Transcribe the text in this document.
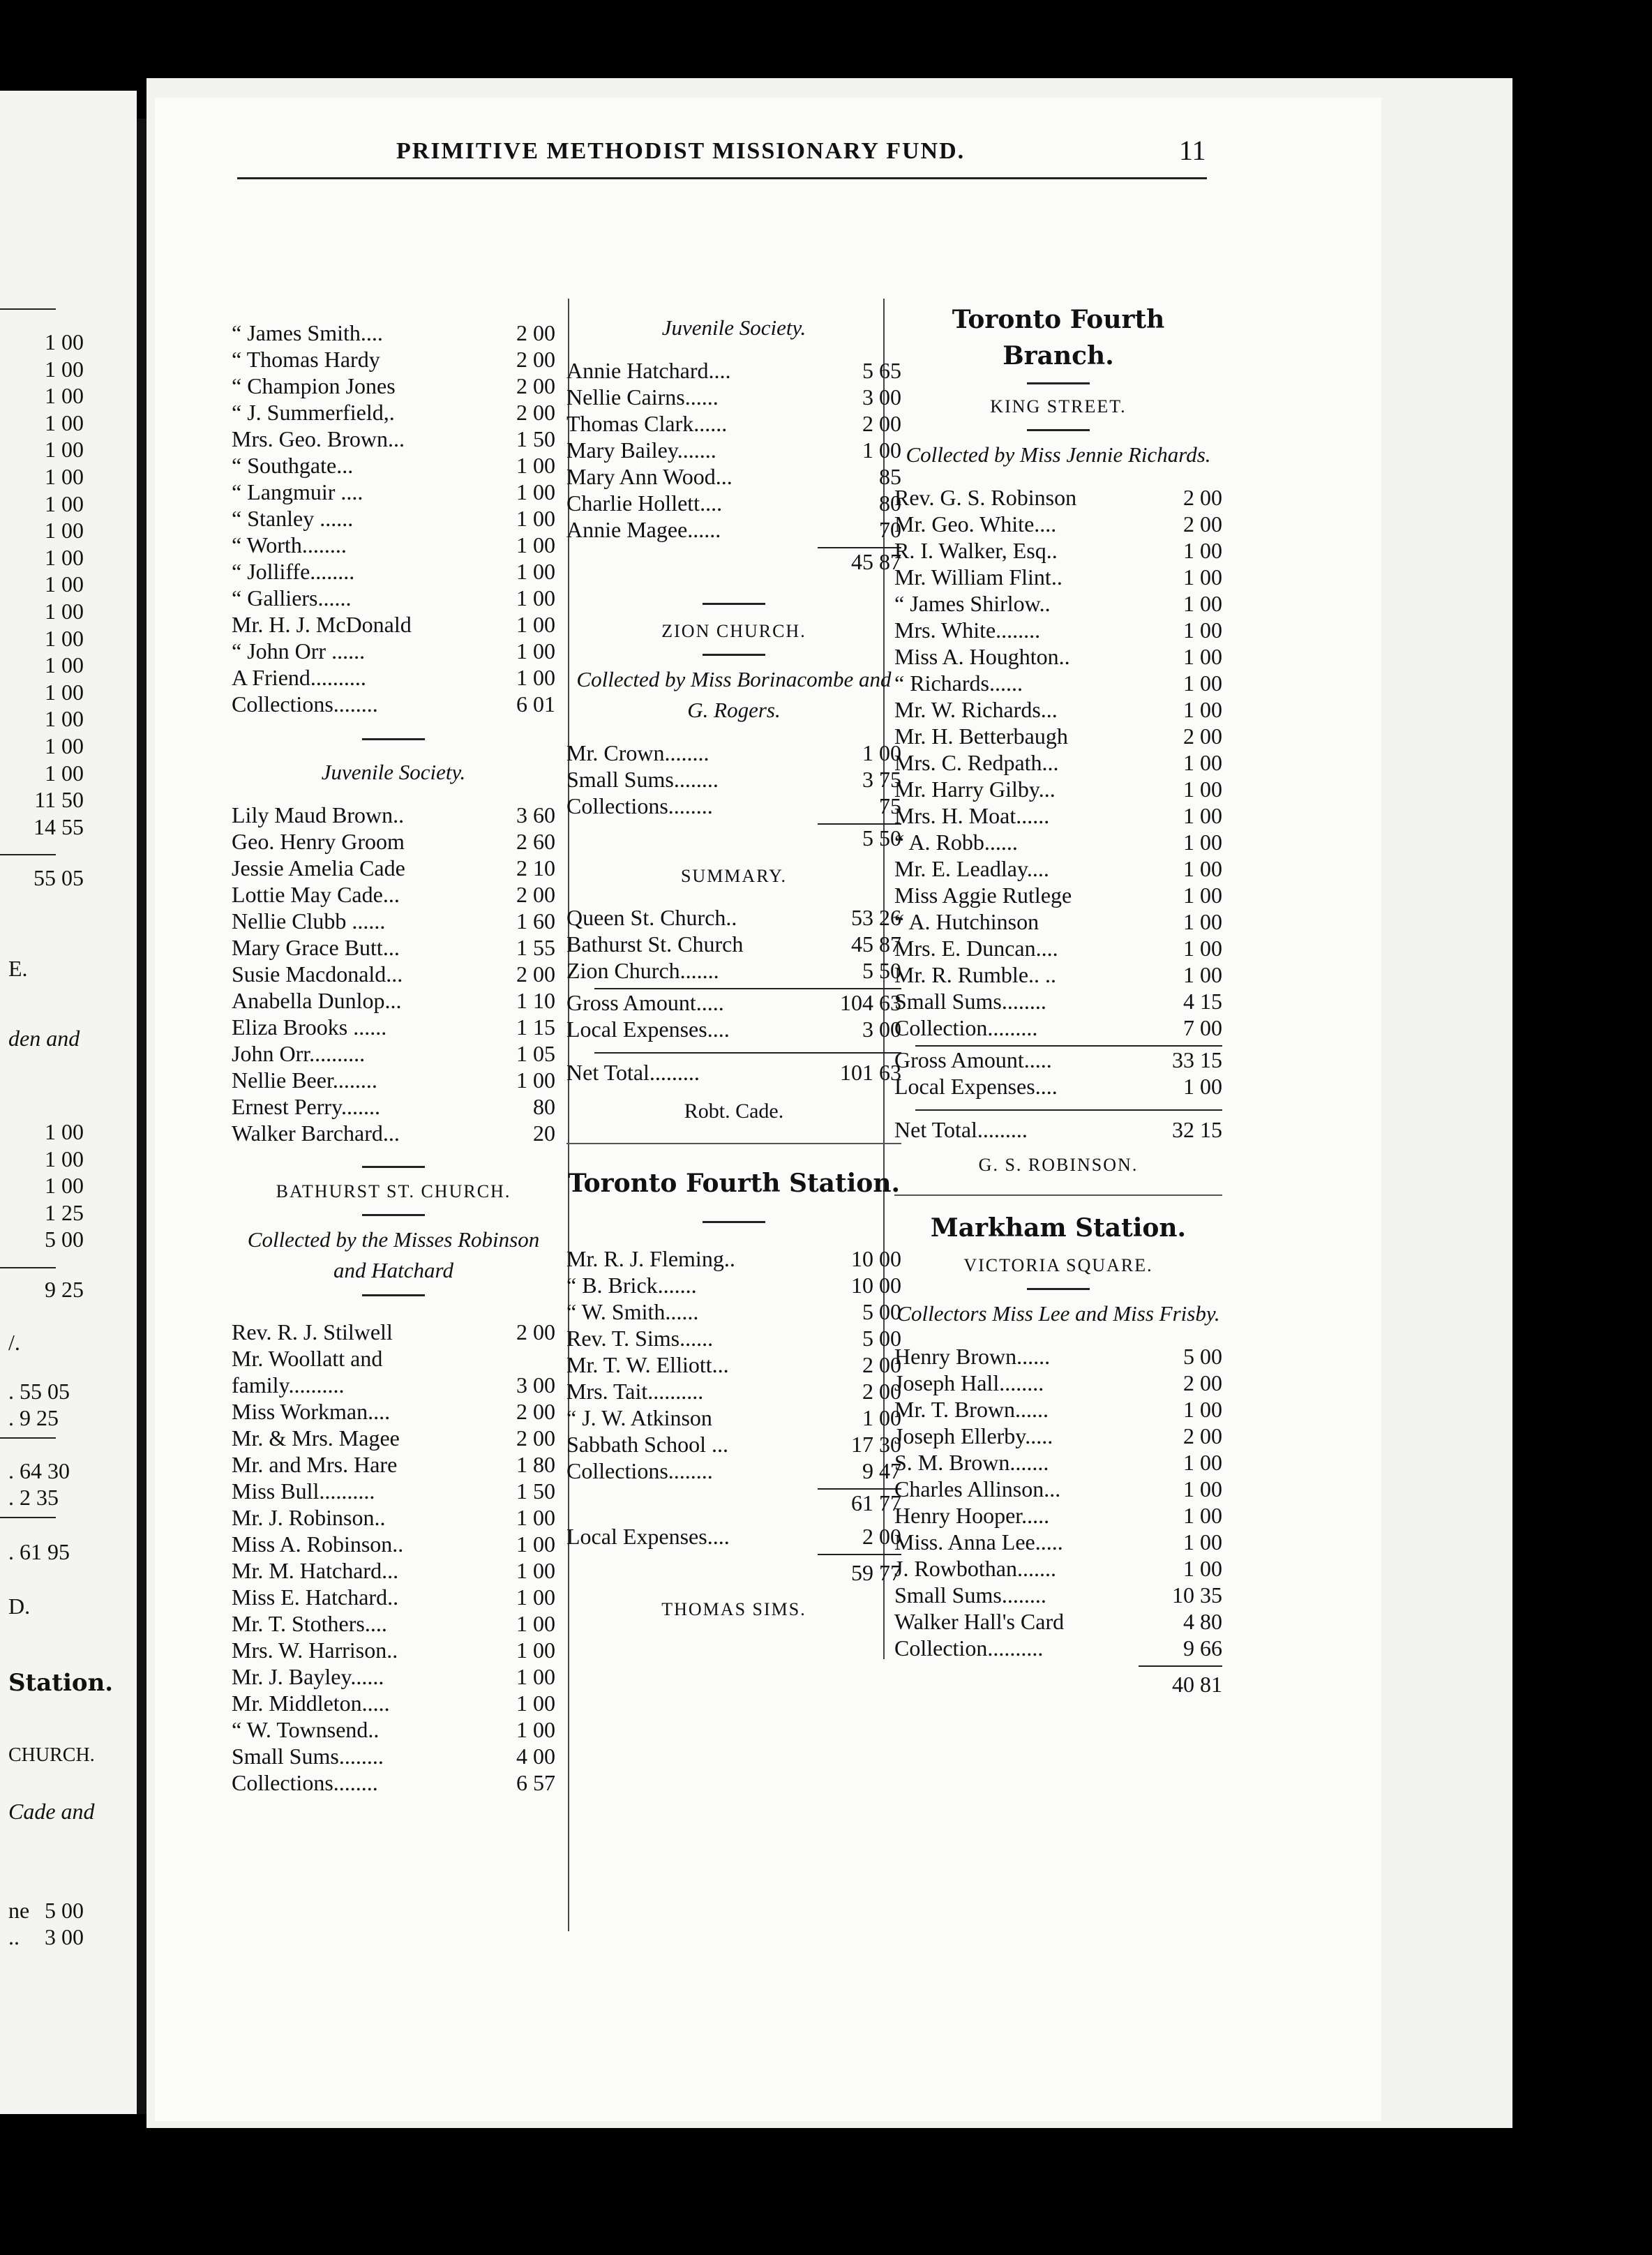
1 00
1 00
1 00
1 00
1 00
1 00
1 00
1 00
1 00
1 00
1 00
1 00
1 00
1 00
1 00
1 00
1 00
11 50
14 55
55 05
E.
den and
1 00
1 00
1 00
1 25
5 00
9 25
/.
. 55 05
. 9 25
. 64 30
. 2 35
. 61 95
D.
Station.
CHURCH.
Cade and
ne 5 00
.. 3 00
PRIMITIVE METHODIST MISSIONARY FUND.	11
“ James Smith....	2 00
“ Thomas Hardy	2 00
“ Champion Jones	2 00
“ J. Summerfield,.	2 00
Mrs. Geo. Brown...	1 50
“ Southgate...	1 00
“ Langmuir ....	1 00
“ Stanley ......	1 00
“ Worth........	1 00
“ Jolliffe........	1 00
“ Galliers......	1 00
Mr. H. J. McDonald	1 00
“ John Orr ......	1 00
A Friend..........	1 00
Collections........	6 01
Juvenile Society.
Lily Maud Brown..	3 60
Geo. Henry Groom	2 60
Jessie Amelia Cade	2 10
Lottie May Cade...	2 00
Nellie Clubb ......	1 60
Mary Grace Butt...	1 55
Susie Macdonald...	2 00
Anabella Dunlop...	1 10
Eliza Brooks ......	1 15
John Orr..........	1 05
Nellie Beer........	1 00
Ernest Perry.......	80
Walker Barchard...	20
BATHURST ST. CHURCH.
Collected by the Misses Robinson and Hatchard
Rev. R. J. Stilwell	2 00
Mr. Woollatt and
family..........	3 00
Miss Workman....	2 00
Mr. & Mrs. Magee	2 00
Mr. and Mrs. Hare	1 80
Miss Bull..........	1 50
Mr. J. Robinson..	1 00
Miss A. Robinson..	1 00
Mr. M. Hatchard...	1 00
Miss E. Hatchard..	1 00
Mr. T. Stothers....	1 00
Mrs. W. Harrison..	1 00
Mr. J. Bayley......	1 00
Mr. Middleton.....	1 00
“ W. Townsend..	1 00
Small Sums........	4 00
Collections........	6 57
Juvenile Society.
Annie Hatchard....	5 65
Nellie Cairns......	3 00
Thomas Clark......	2 00
Mary Bailey.......	1 00
Mary Ann Wood...	85
Charlie Hollett....	80
Annie Magee......	70
45 87
ZION CHURCH.
Collected by Miss Borinacombe and G. Rogers.
Mr. Crown........	1 00
Small Sums........	3 75
Collections........	75
5 50
SUMMARY.
Queen St. Church..	53 26
Bathurst St. Church	45 87
Zion Church.......	5 50
Gross Amount.....	104 63
Local Expenses....	3 00
Net Total.........	101 63
Robt. Cade.
Toronto Fourth Station.
Mr. R. J. Fleming..	10 00
“ B. Brick.......	10 00
“ W. Smith......	5 00
Rev. T. Sims......	5 00
Mr. T. W. Elliott...	2 00
Mrs. Tait..........	2 00
“ J. W. Atkinson	1 00
Sabbath School ...	17 30
Collections........	9 47
61 77
Local Expenses....	2 00
59 77
THOMAS SIMS.
Toronto Fourth Branch.
KING STREET.
Collected by Miss Jennie Richards.
Rev. G. S. Robinson	2 00
Mr. Geo. White....	2 00
R. I. Walker, Esq..	1 00
Mr. William Flint..	1 00
“ James Shirlow..	1 00
Mrs. White........	1 00
Miss A. Houghton..	1 00
“ Richards......	1 00
Mr. W. Richards...	1 00
Mr. H. Betterbaugh	2 00
Mrs. C. Redpath...	1 00
Mr. Harry Gilby...	1 00
Mrs. H. Moat......	1 00
“ A. Robb......	1 00
Mr. E. Leadlay....	1 00
Miss Aggie Rutlege	1 00
“ A. Hutchinson	1 00
Mrs. E. Duncan....	1 00
Mr. R. Rumble.. ..	1 00
Small Sums........	4 15
Collection.........	7 00
Gross Amount.....	33 15
Local Expenses....	1 00
Net Total.........	32 15
G. S. ROBINSON.
Markham Station.
VICTORIA SQUARE.
Collectors Miss Lee and Miss Frisby.
Henry Brown......	5 00
Joseph Hall........	2 00
Mr. T. Brown......	1 00
Joseph Ellerby.....	2 00
S. M. Brown.......	1 00
Charles Allinson...	1 00
Henry Hooper.....	1 00
Miss. Anna Lee.....	1 00
J. Rowbothan.......	1 00
Small Sums........	10 35
Walker Hall's Card	4 80
Collection..........	9 66
40 81
